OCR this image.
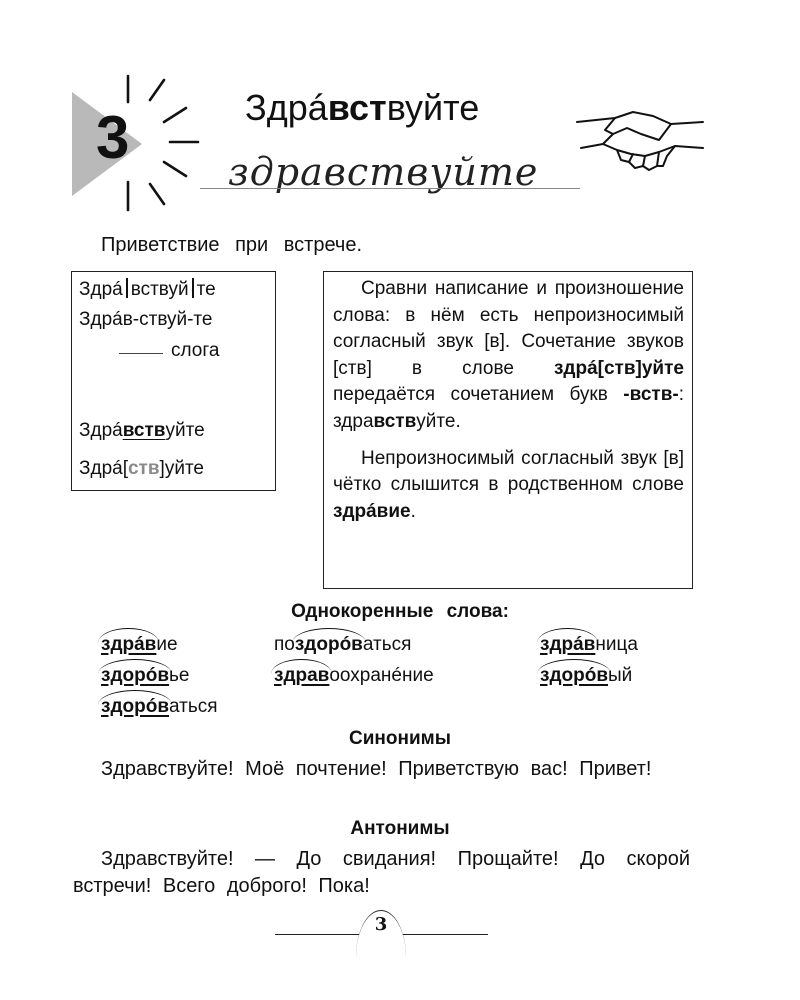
3	Здрáвствуйте
здравствуйте
Приветствие при встрече.
Здрá вствуй те
Здрáв-ствуй-те
слога
Здрáвствуйте
Здрá[ств]уйте

Сравни написание и произношение слова: в нём есть непроизносимый согласный звук [в]. Сочетание звуков [ств] в слове здрá[ств]уйте передаётся сочетанием букв -вств-: здравствуйте.

Непроизносимый согласный звук [в] чётко слышится в родственном слове здрáвие.

Однокоренные слова:
здрáвие	поздорóваться	здрáвница
здорóвье	здравоохранéние	здорóвый
здорóваться
Синонимы
Здравствуйте! Моё почтение! Приветствую вас! Привет!
Антонимы
Здравствуйте! — До свидания! Прощайте! До скорой встречи! Всего доброго! Пока!
3
